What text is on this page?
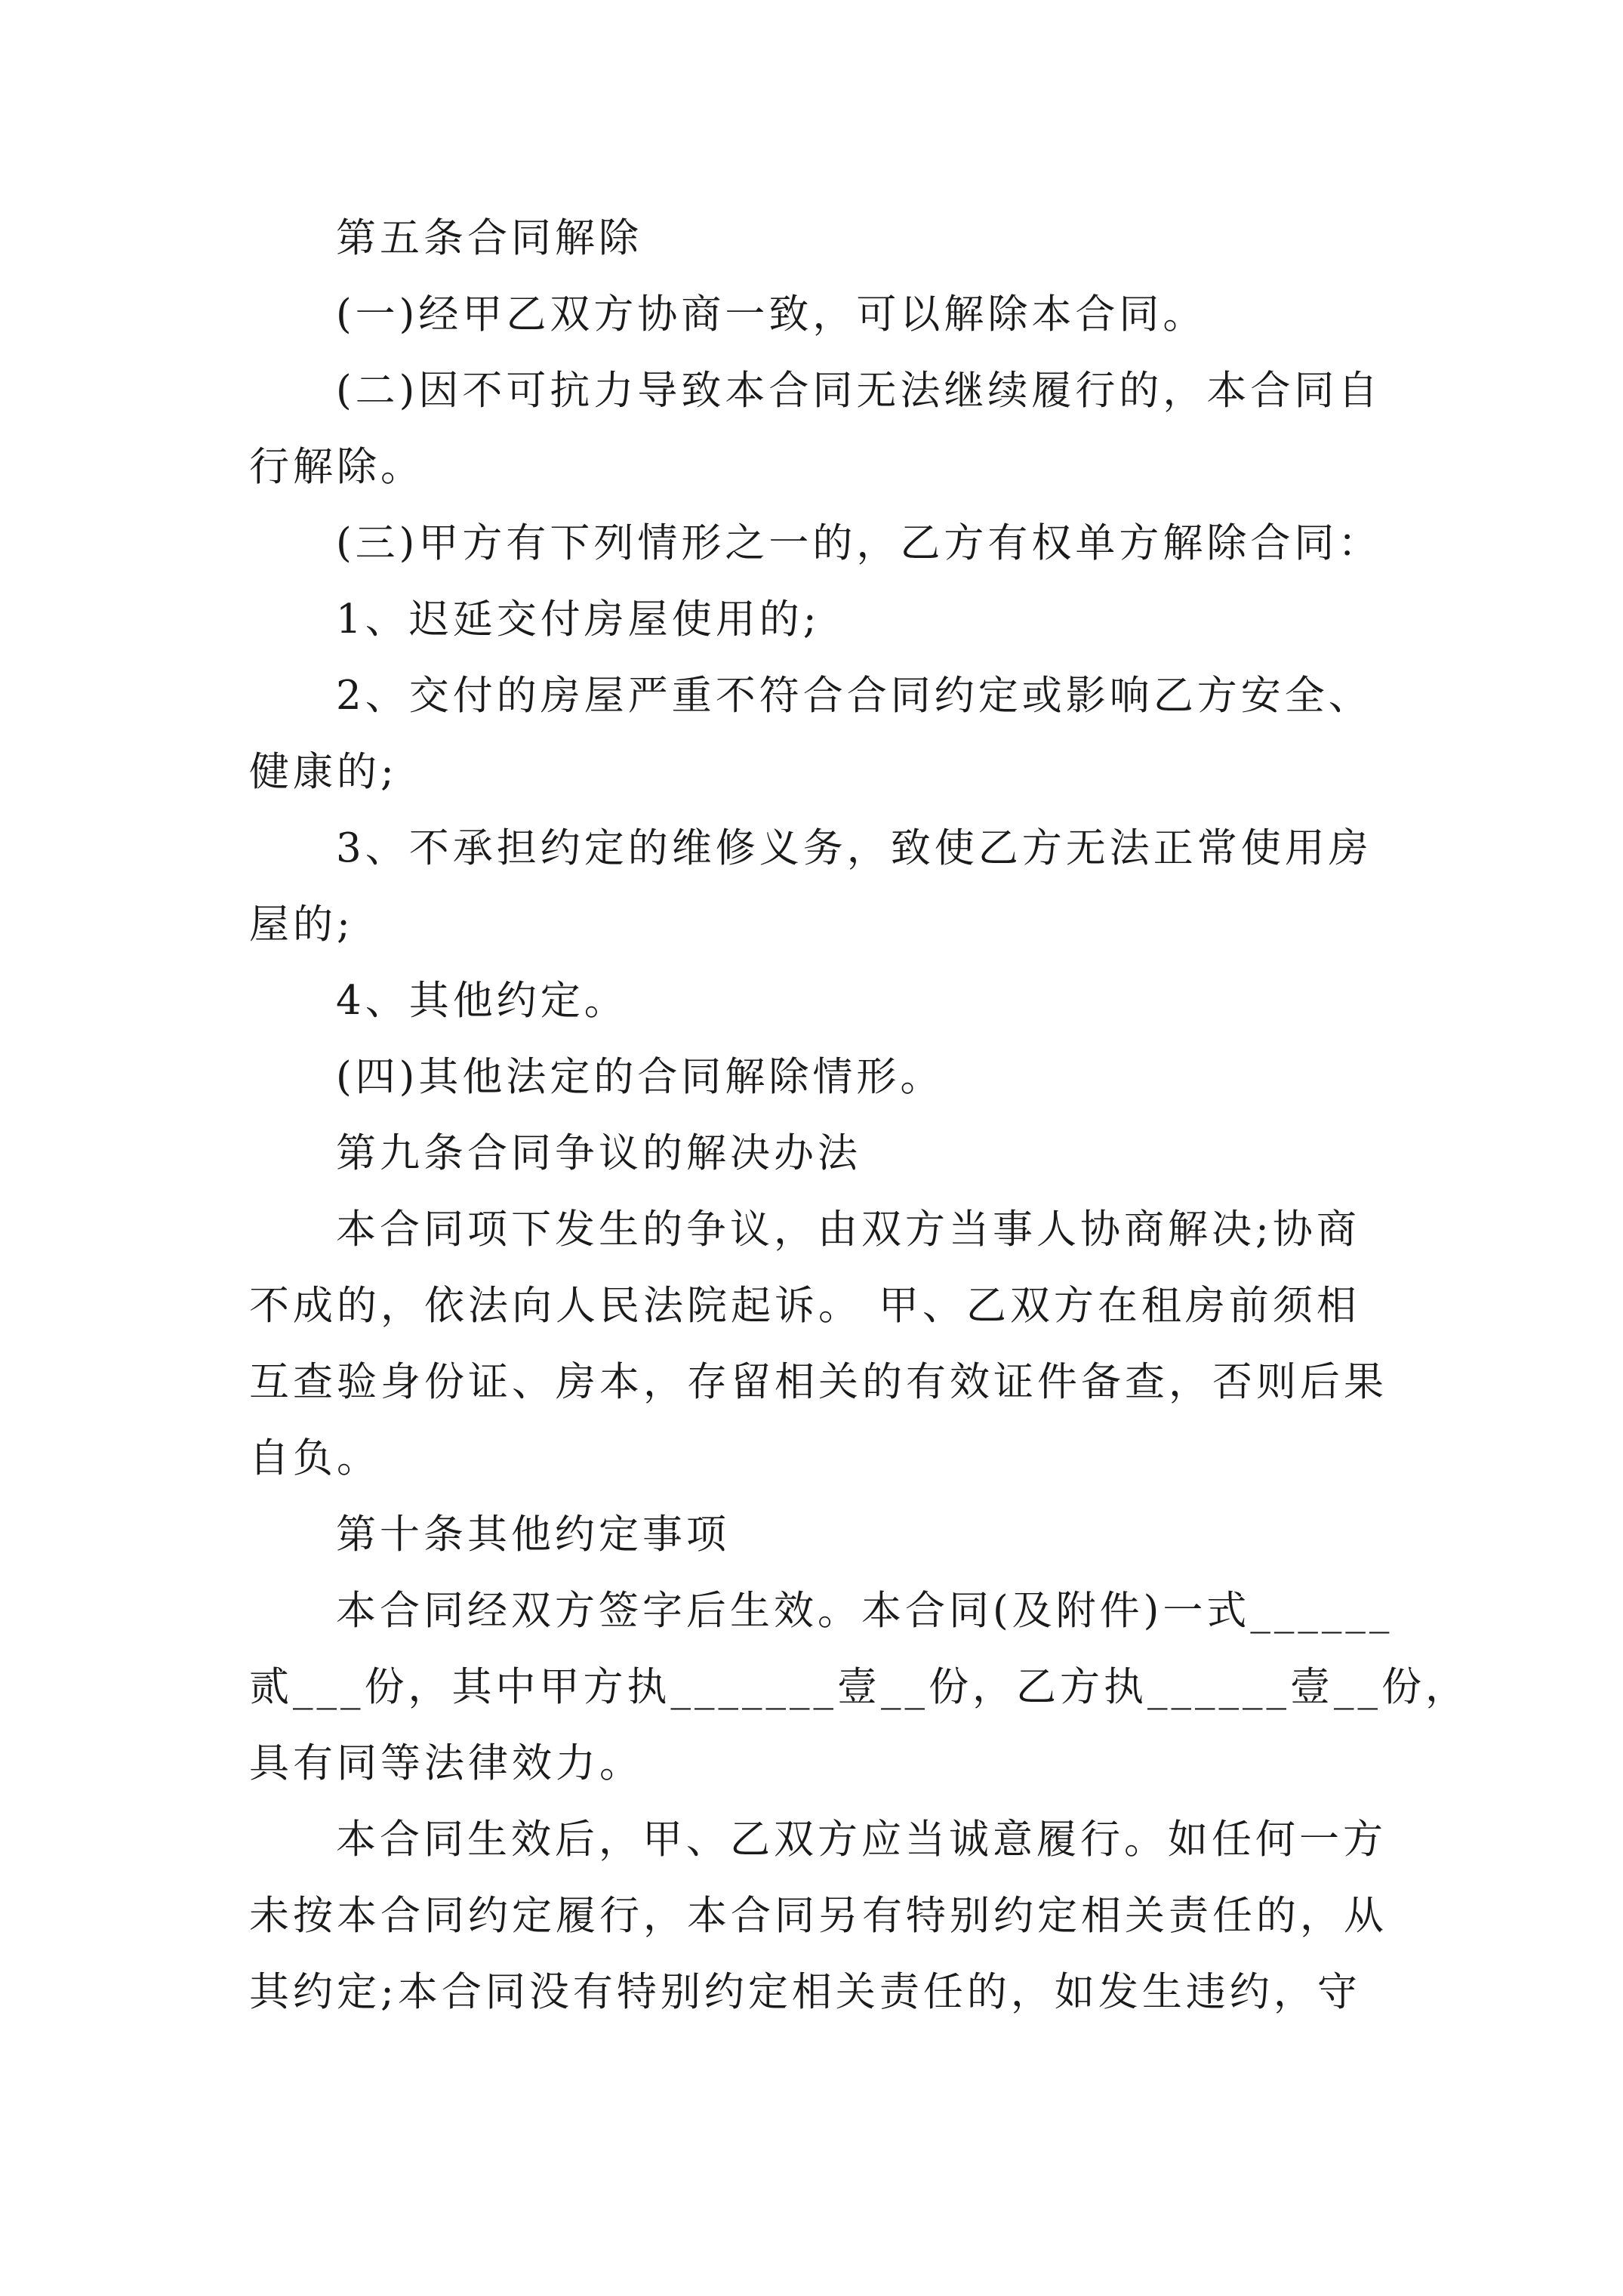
第五条合同解除

(一)经甲乙双方协商一致，可以解除本合同。

(二)因不可抗力导致本合同无法继续履行的，本合同自

行解除。

(三)甲方有下列情形之一的，乙方有权单方解除合同：

1、迟延交付房屋使用的;

2、交付的房屋严重不符合合同约定或影响乙方安全、

健康的;

3、不承担约定的维修义务，致使乙方无法正常使用房

屋的;

4、其他约定。

(四)其他法定的合同解除情形。

第九条合同争议的解决办法

本合同项下发生的争议，由双方当事人协商解决;协商

不成的，依法向人民法院起诉。 甲、乙双方在租房前须相

互查验身份证、房本，存留相关的有效证件备查，否则后果

自负。

第十条其他约定事项

本合同经双方签字后生效。本合同(及附件)一式______

贰___份，其中甲方执_______壹__份，乙方执______壹__份，

具有同等法律效力。

本合同生效后，甲、乙双方应当诚意履行。如任何一方

未按本合同约定履行，本合同另有特别约定相关责任的，从

其约定;本合同没有特别约定相关责任的，如发生违约，守
